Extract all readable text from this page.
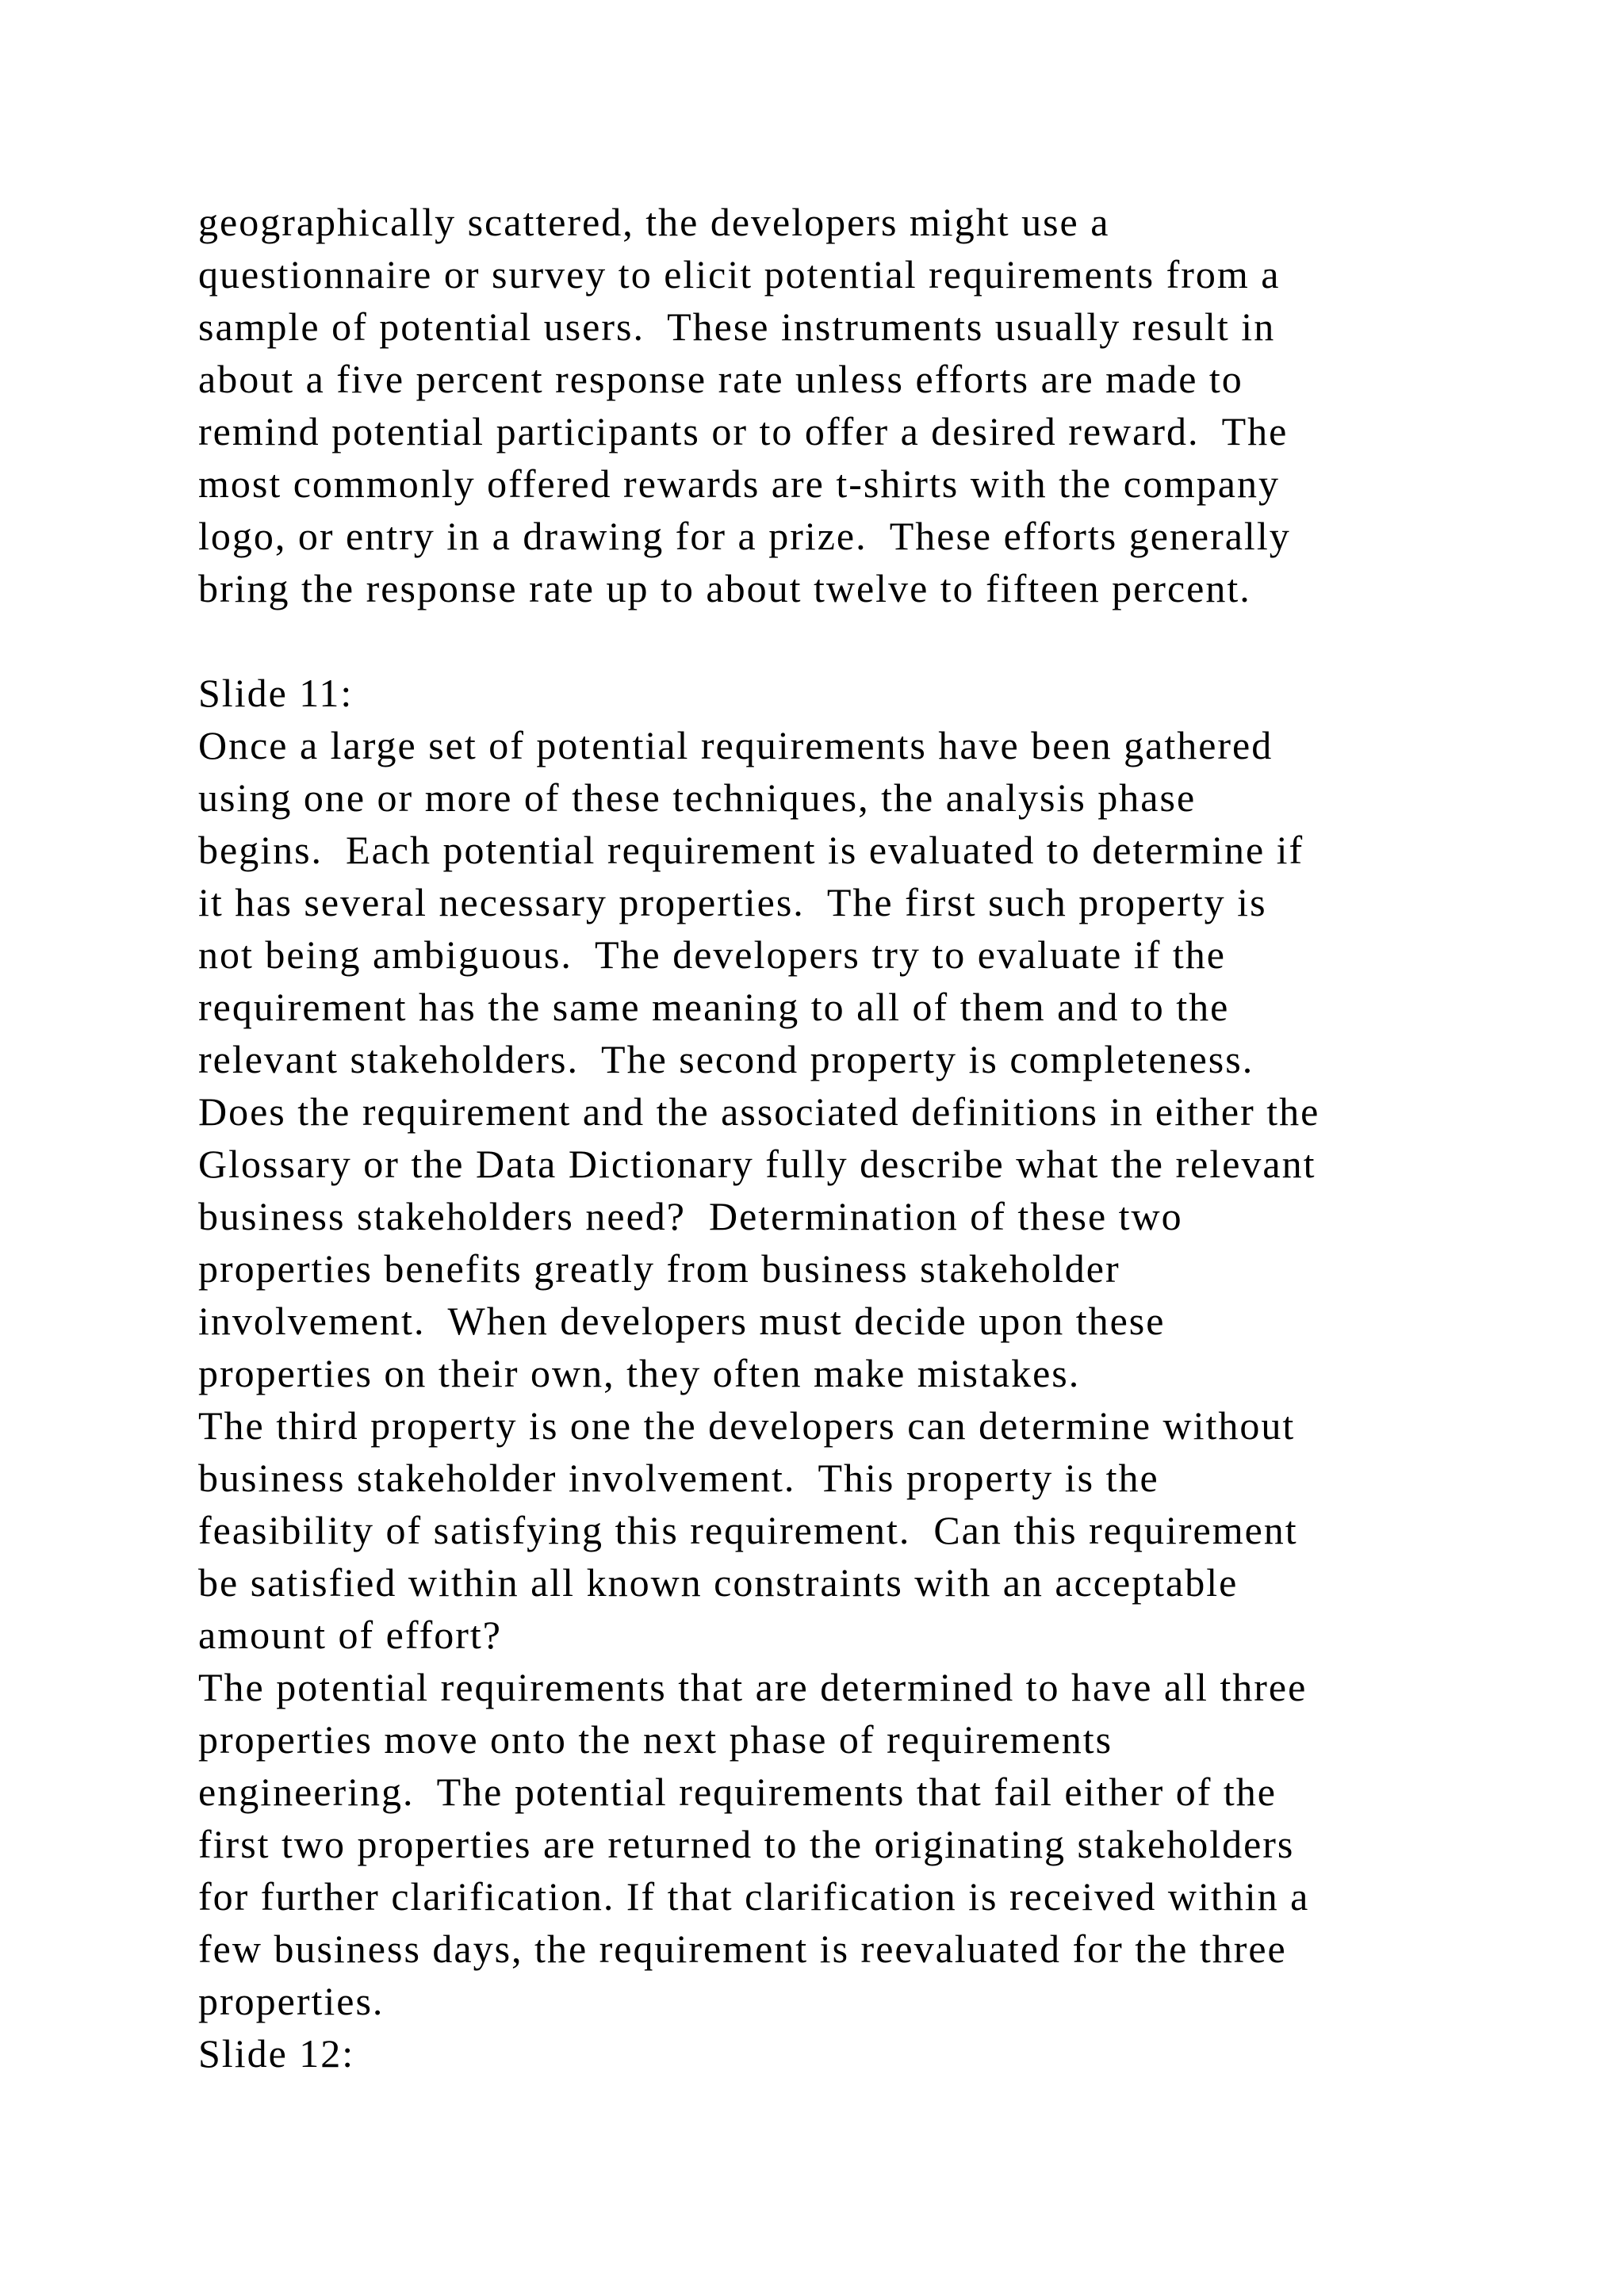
geographically scattered, the developers might use a
questionnaire or survey to elicit potential requirements from a
sample of potential users.  These instruments usually result in
about a five percent response rate unless efforts are made to
remind potential participants or to offer a desired reward.  The
most commonly offered rewards are t-shirts with the company
logo, or entry in a drawing for a prize.  These efforts generally
bring the response rate up to about twelve to fifteen percent.
Slide 11:
Once a large set of potential requirements have been gathered
using one or more of these techniques, the analysis phase
begins.  Each potential requirement is evaluated to determine if
it has several necessary properties.  The first such property is
not being ambiguous.  The developers try to evaluate if the
requirement has the same meaning to all of them and to the
relevant stakeholders.  The second property is completeness.
Does the requirement and the associated definitions in either the
Glossary or the Data Dictionary fully describe what the relevant
business stakeholders need?  Determination of these two
properties benefits greatly from business stakeholder
involvement.  When developers must decide upon these
properties on their own, they often make mistakes.
The third property is one the developers can determine without
business stakeholder involvement.  This property is the
feasibility of satisfying this requirement.  Can this requirement
be satisfied within all known constraints with an acceptable
amount of effort?
The potential requirements that are determined to have all three
properties move onto the next phase of requirements
engineering.  The potential requirements that fail either of the
first two properties are returned to the originating stakeholders
for further clarification. If that clarification is received within a
few business days, the requirement is reevaluated for the three
properties.
Slide 12:
